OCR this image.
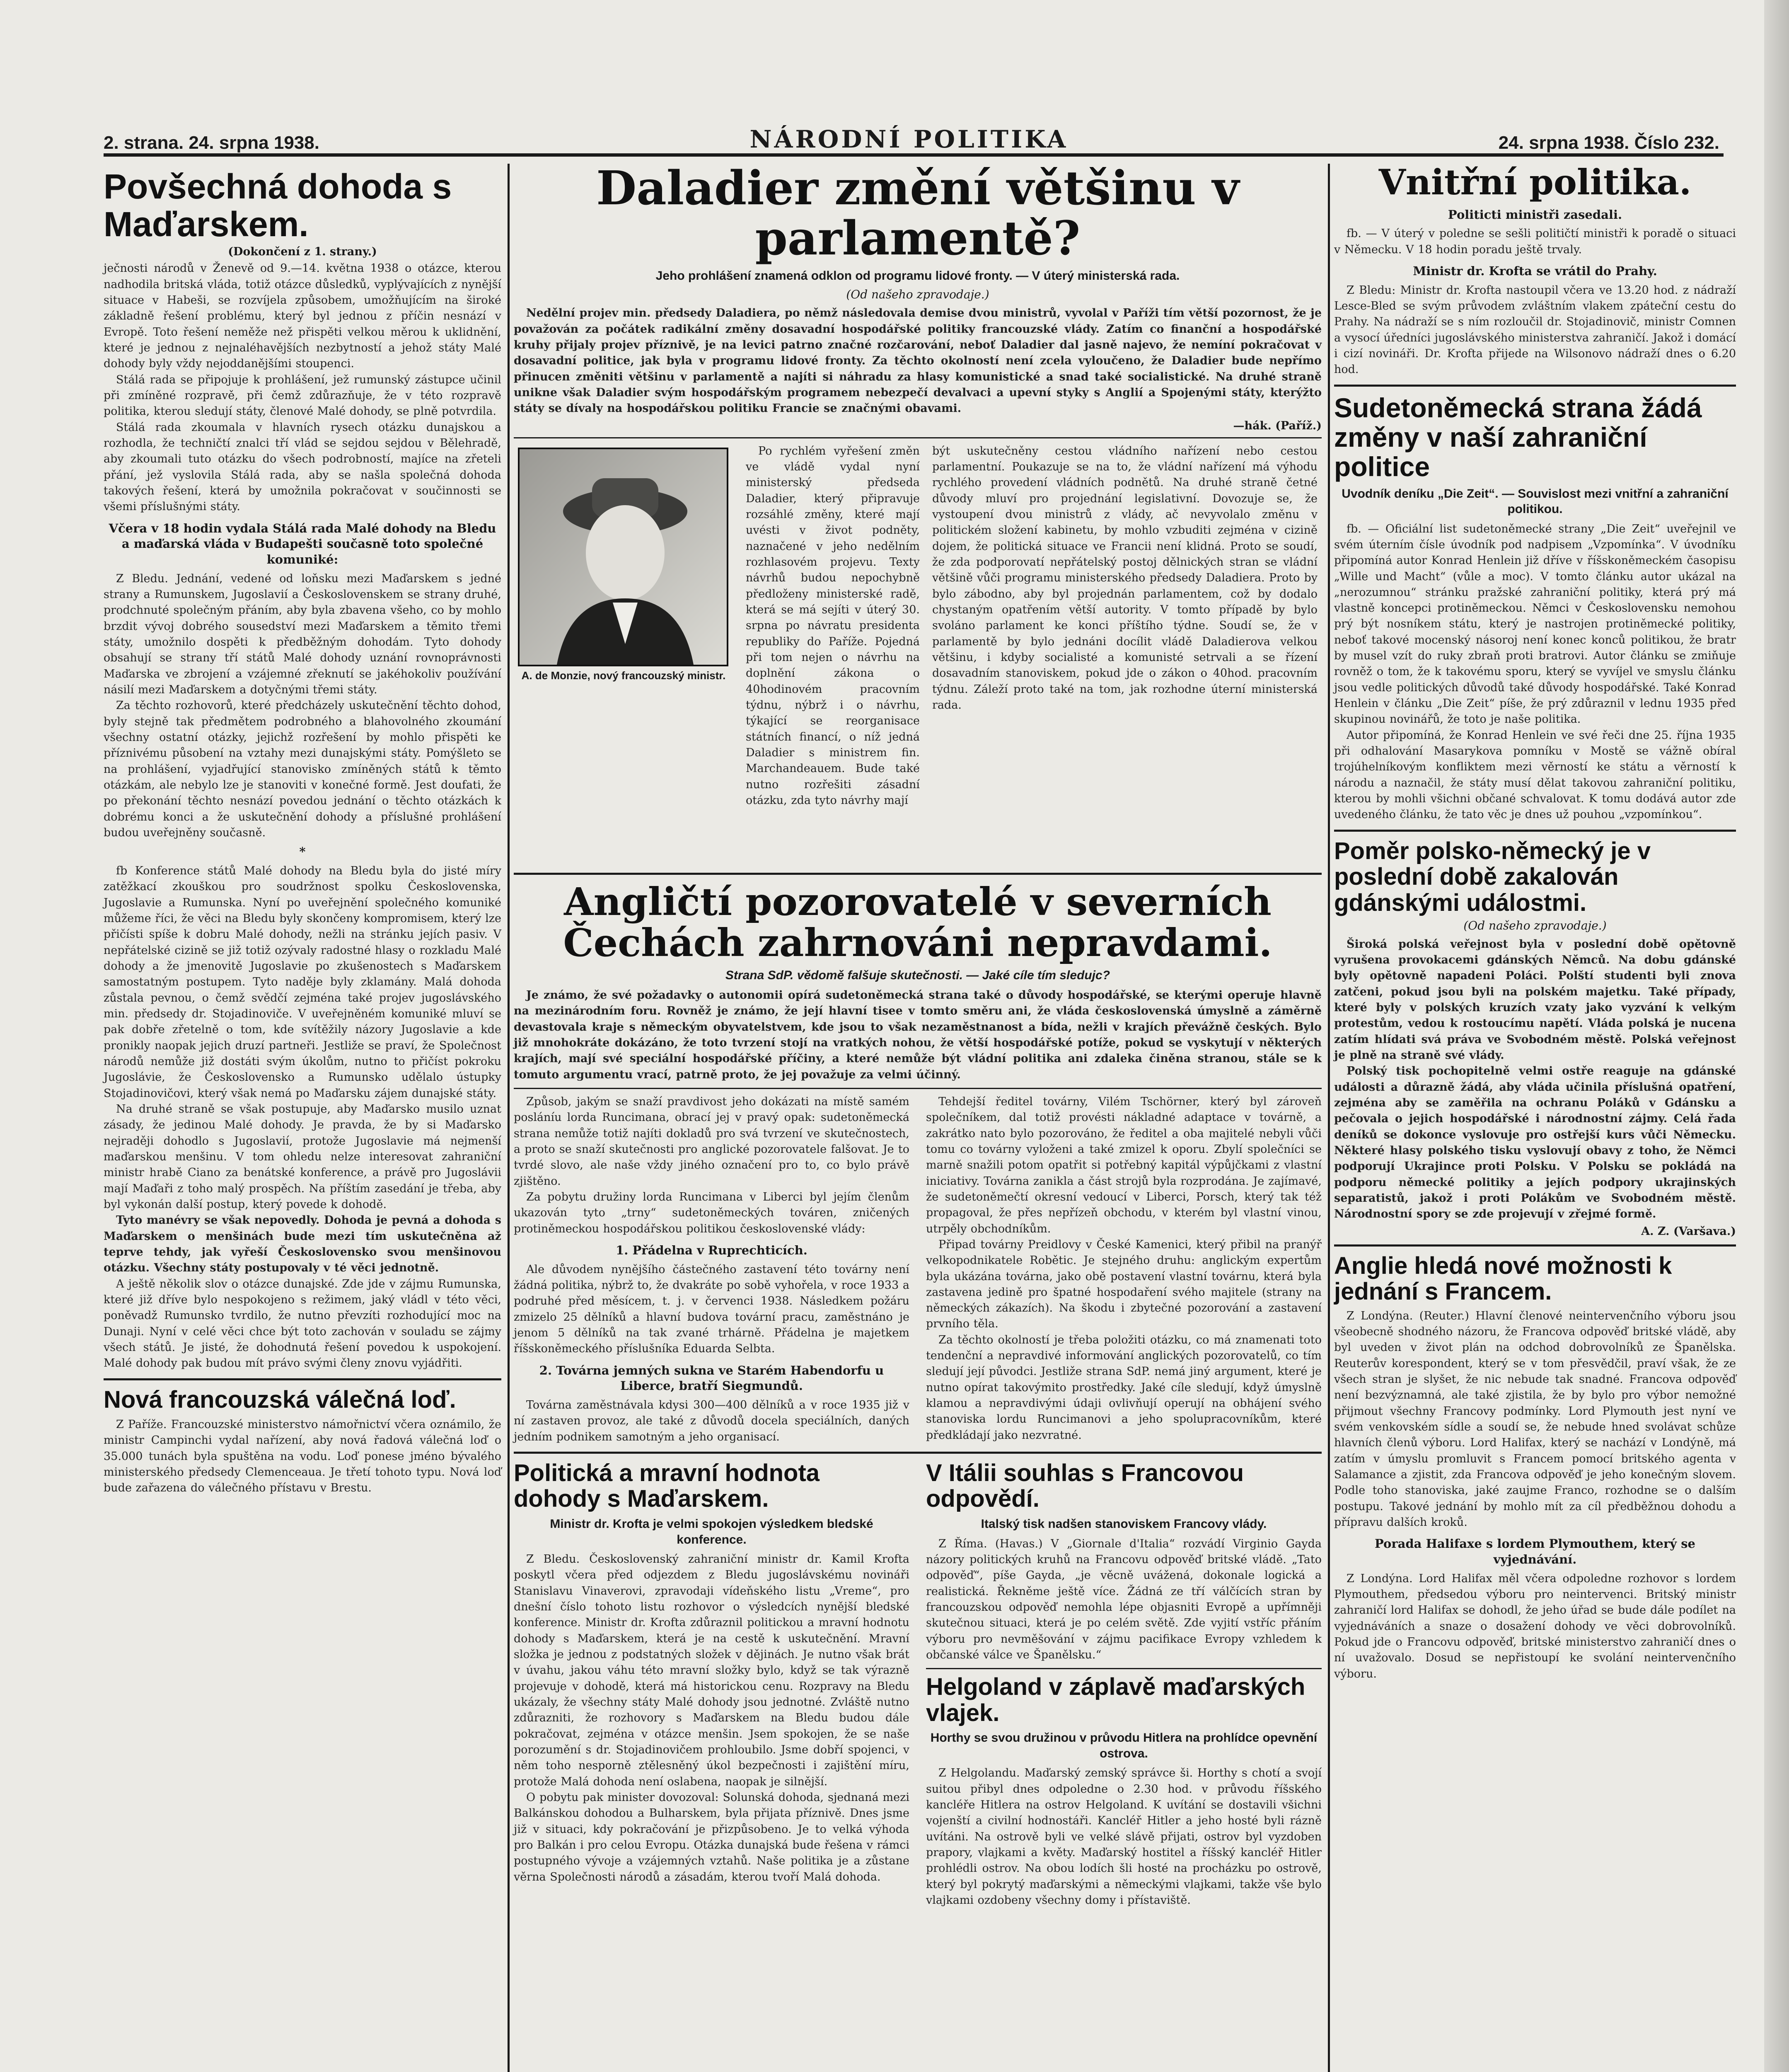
2. strana. 24. srpna 1938.	NÁRODNÍ POLITIKA	24. srpna 1938. Číslo 232.
Povšechná dohoda s Maďarskem.

(Dokončení z 1. strany.)

ječnosti národů v Ženevě od 9.—14. května 1938 o otázce, kterou nadhodila britská vláda, totiž otázce důsledků, vyplývajících z nynější situace v Habeši, se rozvíjela způsobem, umožňujícím na široké základně řešení problému, který byl jednou z příčin nesnází v Evropě. Toto řešení neměže než přispěti velkou měrou k uklidnění, které je jednou z nejnaléhavějších nezbytností a jehož státy Malé dohody byly vždy nejoddanějšími stoupenci.

Stálá rada se připojuje k prohlášení, jež rumunský zástupce učinil při zmíněné rozpravě, při čemž zdůrazňuje, že v této rozpravě politika, kterou sledují státy, členové Malé dohody, se plně potvrdila.

Stálá rada zkoumala v hlavních rysech otázku dunajskou a rozhodla, že techničtí znalci tří vlád se sejdou sejdou v Bělehradě, aby zkoumali tuto otázku do všech podrobností, majíce na zřeteli přání, jež vyslovila Stálá rada, aby se našla společná dohoda takových řešení, která by umožnila pokračovat v součinnosti se všemi příslušnými státy.

Včera v 18 hodin vydala Stálá rada Malé dohody na Bledu a maďarská vláda v Budapešti současně toto společné komuniké:

Z Bledu. Jednání, vedené od loňsku mezi Maďarskem s jedné strany a Rumunskem, Jugoslavií a Československem se strany druhé, prodchnuté společným přáním, aby byla zbavena všeho, co by mohlo brzdit vývoj dobrého sousedství mezi Maďarskem a těmito třemi státy, umožnilo dospěti k předběžným dohodám. Tyto dohody obsahují se strany tří států Malé dohody uznání rovnoprávnosti Maďarska ve zbrojení a vzájemné zřeknutí se jakéhokoliv používání násilí mezi Maďarskem a dotyčnými třemi státy.

Za těchto rozhovorů, které předcházely uskutečnění těchto dohod, byly stejně tak předmětem podrobného a blahovolného zkoumání všechny ostatní otázky, jejichž rozřešení by mohlo přispěti ke příznivému působení na vztahy mezi dunajskými státy. Pomýšleto se na prohlášení, vyjadřující stanovisko zmíněných států k těmto otázkám, ale nebylo lze je stanoviti v konečné formě. Jest doufati, že po překonání těchto nesnází povedou jednání o těchto otázkách k dobrému konci a že uskutečnění dohody a příslušné prohlášení budou uveřejněny současně.

*

fb Konference států Malé dohody na Bledu byla do jisté míry zatěžkací zkouškou pro soudržnost spolku Československa, Jugoslavie a Rumunska. Nyní po uveřejnění společného komuniké můžeme říci, že věci na Bledu byly skončeny kompromisem, který lze přičísti spíše k dobru Malé dohody, nežli na stránku jejích pasiv. V nepřátelské cizině se již totiž ozývaly radostné hlasy o rozkladu Malé dohody a že jmenovitě Jugoslavie po zkušenostech s Maďarskem samostatným postupem. Tyto naděje byly zklamány. Malá dohoda zůstala pevnou, o čemž svědčí zejména také projev jugoslávského min. předsedy dr. Stojadinoviče. V uveřejněném komuniké mluví se pak dobře zřetelně o tom, kde svítěžily názory Jugoslavie a kde pronikly naopak jejich druzí partneři. Jestliže se praví, že Společnost národů nemůže již dostáti svým úkolům, nutno to přičíst pokroku Jugoslávie, že Československo a Rumunsko udělalo ústupky Stojadinovičovi, který však nemá po Maďarsku zájem dunajské státy.

Na druhé straně se však postupuje, aby Maďarsko musilo uznat zásady, že jedinou Malé dohody. Je pravda, že by si Maďarsko nejraději dohodlo s Jugoslavií, protože Jugoslavie má nejmenší maďarskou menšinu. V tom ohledu nelze interesovat zahraniční ministr hrabě Ciano za benátské konference, a právě pro Jugoslávii mají Maďaři z toho malý prospěch. Na příštím zasedání je třeba, aby byl vykonán další postup, který povede k dohodě.

Tyto manévry se však nepovedly. Dohoda je pevná a dohoda s Maďarskem o menšinách bude mezi tím uskutečněna až teprve tehdy, jak vyřeší Československo svou menšinovou otázku. Všechny státy postupovaly v té věci jednotně.

A ještě několik slov o otázce dunajské. Zde jde v zájmu Rumunska, které již dříve bylo nespokojeno s režimem, jaký vládl v této věci, poněvadž Rumunsko tvrdilo, že nutno převzíti rozhodující moc na Dunaji. Nyní v celé věci chce být toto zachován v souladu se zájmy všech států. Je jisté, že dohodnutá řešení povedou k uspokojení. Malé dohody pak budou mít právo svými členy znovu vyjádřiti.

Nová francouzská válečná loď.

Z Paříže. Francouzské ministerstvo námořnictví včera oznámilo, že ministr Campinchi vydal nařízení, aby nová řadová válečná loď o 35.000 tunách byla spuštěna na vodu. Loď ponese jméno bývalého ministerského předsedy Clemenceaua. Je třetí tohoto typu. Nová loď bude zařazena do válečného přístavu v Brestu.

Daladier změní většinu v parlamentě?

Jeho prohlášení znamená odklon od programu lidové fronty. — V úterý ministerská rada.

(Od našeho zpravodaje.)

Nedělní projev min. předsedy Daladiera, po němž následovala demise dvou ministrů, vyvolal v Paříži tím větší pozornost, že je považován za počátek radikální změny dosavadní hospodářské politiky francouzské vlády. Zatím co finanční a hospodářské kruhy přijaly projev příznivě, je na levici patrno značné rozčarování, neboť Daladier dal jasně najevo, že nemíní pokračovat v dosavadní politice, jak byla v programu lidové fronty. Za těchto okolností není zcela vyloučeno, že Daladier bude nepřímo přinucen změniti většinu v parlamentě a najíti si náhradu za hlasy komunistické a snad také socialistické. Na druhé straně unikne však Daladier svým hospodářským programem nebezpečí devalvaci a upevní styky s Anglií a Spojenými státy, kterýžto státy se dívaly na hospodářskou politiku Francie se značnými obavami.

—hák. (Paříž.)

A. de Monzie, nový francouzský ministr.

Po rychlém vyřešení změn ve vládě vydal nyní ministerský předseda Daladier, který připravuje rozsáhlé změny, které mají uvésti v život podněty, naznačené v jeho nedělním rozhlasovém projevu. Texty návrhů budou nepochybně předloženy ministerské radě, která se má sejíti v úterý 30. srpna po návratu presidenta republiky do Paříže. Pojedná při tom nejen o návrhu na doplnění zákona o 40hodinovém pracovním týdnu, nýbrž i o návrhu, týkající se reorganisace státních financí, o níž jedná Daladier s ministrem fin. Marchandeauem. Bude také nutno rozřešiti zásadní otázku, zda tyto návrhy mají

být uskutečněny cestou vládního nařízení nebo cestou parlamentní. Poukazuje se na to, že vládní nařízení má výhodu rychlého provedení vládních podnětů. Na druhé straně četné důvody mluví pro projednání legislativní. Dovozuje se, že vystoupení dvou ministrů z vlády, ač nevyvolalo změnu v politickém složení kabinetu, by mohlo vzbuditi zejména v cizině dojem, že politická situace ve Francii není klidná. Proto se soudí, že zda podporovatí nepřátelský postoj dělnických stran se vládní většině vůči programu ministerského předsedy Daladiera. Proto by bylo zábodno, aby byl projednán parlamentem, což by dodalo chystaným opatřením větší autority. V tomto případě by bylo svoláno parlament ke konci příštího týdne. Soudí se, že v parlamentě by bylo jednáni docílit vládě Daladierova velkou většinu, i kdyby socialisté a komunisté setrvali a se řízení dosavadním stanoviskem, pokud jde o zákon o 40hod. pracovním týdnu. Záleží proto také na tom, jak rozhodne úterní ministerská rada.

Angličtí pozorovatelé v severních Čechách zahrnováni nepravdami.

Strana SdP. vědomě falšuje skutečnosti. — Jaké cíle tím sledujc?

Je známo, že své požadavky o autonomii opírá sudetoněmecká strana také o důvody hospodářské, se kterými operuje hlavně na mezinárodním foru. Rovněž je známo, že její hlavní tisee v tomto směru ani, že vláda československá úmyslně a záměrně devastovala kraje s německým obyvatelstvem, kde jsou to však nezaměstnanost a bída, nežli v krajích převážně českých. Bylo již mnohokráte dokázáno, že toto tvrzení stojí na vratkých nohou, že větší hospodářské potíže, pokud se vyskytují v některých krajích, mají své speciální hospodářské příčiny, a které nemůže být vládní politika ani zdaleka činěna stranou, stále se k tomuto argumentu vrací, patrně proto, že jej považuje za velmi účinný.

Způsob, jakým se snaží pravdivost jeho dokázati na místě samém posláníu lorda Runcimana, obrací jej v pravý opak: sudetoněmecká strana nemůže totiž najíti dokladů pro svá tvrzení ve skutečnostech, a proto se snaží skutečnosti pro anglické pozorovatele falšovat. Je to tvrdé slovo, ale naše vždy jiného označení pro to, co bylo právě zjištěno.

Za pobytu družiny lorda Runcimana v Liberci byl jejím členům ukazován tyto „trny“ sudetoněmeckých továren, zničených protiněmeckou hospodářskou politikou československé vlády:

1. Přádelna v Ruprechticích.

Ale důvodem nynějšího částečného zastavení této továrny není žádná politika, nýbrž to, že dvakráte po sobě vyhořela, v roce 1933 a podruhé před měsícem, t. j. v červenci 1938. Následkem požáru zmizelo 25 dělníků a hlavní budova tovární pracu, zaměstnáno je jenom 5 dělníků na tak zvané trhárně. Přádelna je majetkem říšskoněmeckého příslušníka Eduarda Selbta.

2. Továrna jemných sukna ve Starém Habendorfu u Liberce, bratří Siegmundů.

Továrna zaměstnávala kdysi 300—400 dělníků a v roce 1935 již v ní zastaven provoz, ale také z důvodů docela speciálních, daných jedním podnikem samotným a jeho organisací.

Tehdejší ředitel továrny, Vilém Tschörner, který byl zároveň společníkem, dal totiž provésti nákladné adaptace v továrně, a zakrátko nato bylo pozorováno, že ředitel a oba majitelé nebyli vůči tomu co továrny vyloženi a také zmizel k oporu. Zbylí společníci se marně snažili potom opatřit si potřebný kapitál výpůjčkami z vlastní iniciativy. Továrna zanikla a část strojů byla rozprodána. Je zajímavé, že sudetoněmečtí okresní vedoucí v Liberci, Porsch, který tak též propagoval, že přes nepřízeň obchodu, v kterém byl vlastní vinou, utrpěly obchodníkům.

Připad továrny Preidlovy v České Kamenici, který přibil na pranýř velkopodnikatele Robětic. Je stejného druhu: anglickým expertům byla ukázána továrna, jako obě postavení vlastní továrnu, která byla zastavena jedině pro špatné hospodaření svého majitele (strany na německých zákazích). Na škodu i zbytečné pozorování a zastavení prvního těla.

Za těchto okolností je třeba položiti otázku, co má znamenati toto tendenční a nepravdivé informování anglických pozorovatelů, co tím sledují její původci. Jestliže strana SdP. nemá jiný argument, které je nutno opírat takovýmito prostředky. Jaké cíle sledují, když úmyslně klamou a nepravdivými údaji ovlivňují operují na obhájení svého stanoviska lordu Runcimanovi a jeho spolupracovníkům, které předkládají jako nezvratné.

Politická a mravní hodnota dohody s Maďarskem.

Ministr dr. Krofta je velmi spokojen výsledkem bledské konference.

Z Bledu. Československý zahraniční ministr dr. Kamil Krofta poskytl včera před odjezdem z Bledu jugoslávskému novináři Stanislavu Vinaverovi, zpravodaji vídeňského listu „Vreme“, pro dnešní číslo tohoto listu rozhovor o výsledcích nynější bledské konference. Ministr dr. Krofta zdůraznil politickou a mravní hodnotu dohody s Maďarskem, která je na cestě k uskutečnění. Mravní složka je jednou z podstatných složek v dějinách. Je nutno však brát v úvahu, jakou váhu této mravní složky bylo, když se tak výrazně projevuje v dohodě, která má historickou cenu. Rozpravy na Bledu ukázaly, že všechny státy Malé dohody jsou jednotné. Zvláště nutno zdůrazniti, že rozhovory s Maďarskem na Bledu budou dále pokračovat, zejména v otázce menšin. Jsem spokojen, že se naše porozumění s dr. Stojadinovičem prohloubilo. Jsme dobří spojenci, v něm toho nesporně ztělesněný úkol bezpečnosti i zajištění míru, protože Malá dohoda není oslabena, naopak je silnější.

O pobytu pak minister dovozoval: Solunská dohoda, sjednaná mezi Balkánskou dohodou a Bulharskem, byla přijata příznivě. Dnes jsme již v situaci, kdy pokračování je přizpůsobeno. Je to velká výhoda pro Balkán i pro celou Evropu. Otázka dunajská bude řešena v rámci postupného vývoje a vzájemných vztahů. Naše politika je a zůstane věrna Společnosti národů a zásadám, kterou tvoří Malá dohoda.

V Itálii souhlas s Francovou odpovědí.

Italský tisk nadšen stanoviskem Francovy vlády.

Z Říma. (Havas.) V „Giornale d'Italia“ rozvádí Virginio Gayda názory politických kruhů na Francovu odpověď britské vládě. „Tato odpověď“, píše Gayda, „je věcně uvážená, dokonale logická a realistická. Řekněme ještě více. Žádná ze tří válčících stran by francouzskou odpověď nemohla lépe objasniti Evropě a upřímněji skutečnou situaci, která je po celém světě. Zde vyjití vstříc přáním výboru pro nevměšování v zájmu pacifikace Evropy vzhledem k občanské válce ve Španělsku.“

Helgoland v záplavě maďarských vlajek.

Horthy se svou družinou v průvodu Hitlera na prohlídce opevnění ostrova.

Z Helgolandu. Maďarský zemský správce ši. Horthy s chotí a svojí suitou přibyl dnes odpoledne o 2.30 hod. v průvodu říšského kancléře Hitlera na ostrov Helgoland. K uvítání se dostavili všichni vojenští a civilní hodnostáři. Kancléř Hitler a jeho hosté byli rázně uvítáni. Na ostrově byli ve velké slávě přijati, ostrov byl vyzdoben prapory, vlajkami a květy. Maďarský hostitel a říšský kancléř Hitler prohlédli ostrov. Na obou lodích šli hosté na procházku po ostrově, který byl pokrytý maďarskými a německými vlajkami, takže vše bylo vlajkami ozdobeny všechny domy i přístaviště.

Vnitřní politika.

Politicti ministři zasedali.

fb. — V úterý v poledne se sešli političtí ministři k poradě o situaci v Německu. V 18 hodin poradu ještě trvaly.

Ministr dr. Krofta se vrátil do Prahy.

Z Bledu: Ministr dr. Krofta nastoupil včera ve 13.20 hod. z nádraží Lesce-Bled se svým průvodem zvláštním vlakem zpáteční cestu do Prahy. Na nádraží se s ním rozloučil dr. Stojadinovič, ministr Comnen a vysocí úředníci jugoslávského ministerstva zahraničí. Jakož i domácí i cizí novináři. Dr. Krofta přijede na Wilsonovo nádraží dnes o 6.20 hod.

Sudetoněmecká strana žádá změny v naší zahraniční politice

Uvodník deníku „Die Zeit“. — Souvislost mezi vnitřní a zahraniční politikou.

fb. — Oficiální list sudetoněmecké strany „Die Zeit“ uveřejnil ve svém úterním čísle úvodník pod nadpisem „Vzpomínka“. V úvodníku připomíná autor Konrad Henlein již dříve v říšskoněmeckém časopisu „Wille und Macht“ (vůle a moc). V tomto článku autor ukázal na „nerozumnou“ stránku pražské zahraniční politiky, která prý má vlastně koncepci protiněmeckou. Němci v Československu nemohou prý být nosníkem státu, který je nastrojen protiněmecké politiky, neboť takové mocenský násoroj není konec konců politikou, že bratr by musel vzít do ruky zbraň proti bratrovi. Autor článku se zmiňuje rovněž o tom, že k takovému sporu, který se vyvíjel ve smyslu článku jsou vedle politických důvodů také důvody hospodářské. Také Konrad Henlein v článku „Die Zeit“ píše, že prý zdůraznil v lednu 1935 před skupinou novinářů, že toto je naše politika.

Autor připomíná, že Konrad Henlein ve své řeči dne 25. října 1935 při odhalování Masarykova pomníku v Mostě se vážně obíral trojúhelníkovým konfliktem mezi věrností ke státu a věrností k národu a naznačil, že státy musí dělat takovou zahraniční politiku, kterou by mohli všichni občané schvalovat. K tomu dodává autor zde uvedeného článku, že tato věc je dnes už pouhou „vzpomínkou“.

Poměr polsko-německý je v poslední době zakalován gdánskými událostmi.

(Od našeho zpravodaje.)

Široká polská veřejnost byla v poslední době opětovně vyrušena provokacemi gdánských Němců. Na dobu gdánské byly opětovně napadeni Poláci. Polští studenti byli znova zatčeni, pokud jsou byli na polském majetku. Také případy, které byly v polských kruzích vzaty jako vyzvání k velkým protestům, vedou k rostoucímu napětí. Vláda polská je nucena zatím hlídati svá práva ve Svobodném městě. Polská veřejnost je plně na straně své vlády.

Polský tisk pochopitelně velmi ostře reaguje na gdánské události a důrazně žádá, aby vláda učinila příslušná opatření, zejména aby se zaměřila na ochranu Poláků v Gdánsku a pečovala o jejich hospodářské i národnostní zájmy. Celá řada deníků se dokonce vyslovuje pro ostřejší kurs vůči Německu. Některé hlasy polského tisku vyslovují obavy z toho, že Němci podporují Ukrajince proti Polsku. V Polsku se pokládá na podporu německé politiky a jejích podpory ukrajinských separatistů, jakož i proti Polákům ve Svobodném městě. Národnostní spory se zde projevují v zřejmé formě.

A. Z. (Varšava.)

Anglie hledá nové možnosti k jednání s Francem.

Z Londýna. (Reuter.) Hlavní členové neintervenčního výboru jsou všeobecně shodného názoru, že Francova odpověď britské vládě, aby byl uveden v život plán na odchod dobrovolníků ze Španělska. Reuterův korespondent, který se v tom přesvědčil, praví však, že ze všech stran je slyšet, že nic nebude tak snadné. Francova odpověď není bezvýznamná, ale také zjistila, že by bylo pro výbor nemožné přijmout všechny Francovy podmínky. Lord Plymouth jest nyní ve svém venkovském sídle a soudí se, že nebude hned svolávat schůze hlavních členů výboru. Lord Halifax, který se nachází v Londýně, má zatím v úmyslu promluvit s Francem pomocí britského agenta v Salamance a zjistit, zda Francova odpověď je jeho konečným slovem. Podle toho stanoviska, jaké zaujme Franco, rozhodne se o dalším postupu. Takové jednání by mohlo mít za cíl předběžnou dohodu a přípravu dalších kroků.

Porada Halifaxe s lordem Plymouthem, který se vyjednávání.

Z Londýna. Lord Halifax měl včera odpoledne rozhovor s lordem Plymouthem, předsedou výboru pro neintervenci. Britský ministr zahraničí lord Halifax se dohodl, že jeho úřad se bude dále podílet na vyjednáváních a snaze o dosažení dohody ve věci dobrovolníků. Pokud jde o Francovu odpověď, britské ministerstvo zahraničí dnes o ní uvažovalo. Dosud se nepřistoupí ke svolání neintervenčního výboru.
